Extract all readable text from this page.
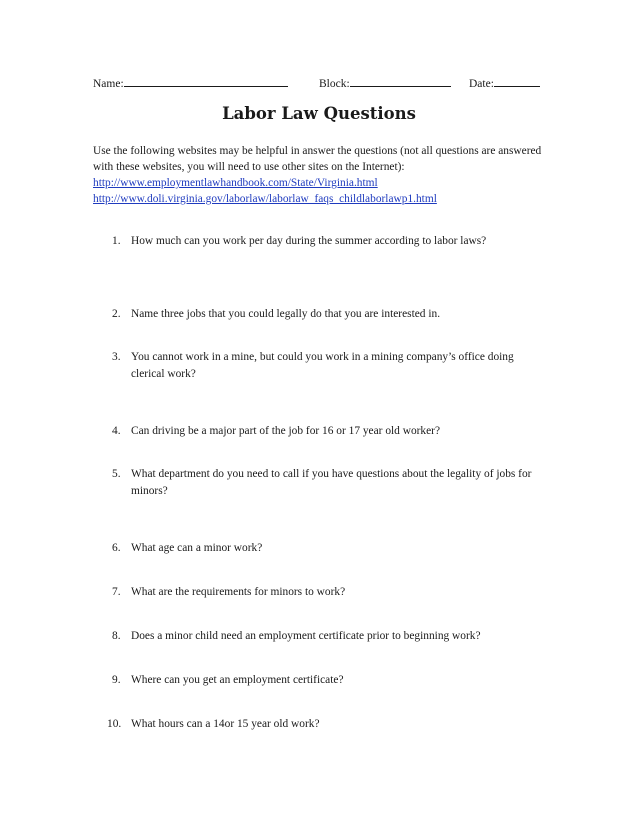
Name:	Block:	Date:
Labor Law Questions

Use the following websites may be helpful in answer the questions (not all questions are answered with these websites, you will need to use other sites on the Internet):

http://www.employmentlawhandbook.com/State/Virginia.html
http://www.doli.virginia.gov/laborlaw/laborlaw_faqs_childlaborlawp1.html
1. How much can you work per day during the summer according to labor laws?
2. Name three jobs that you could legally do that you are interested in.
3. You cannot work in a mine, but could you work in a mining company’s office doing clerical work?
4. Can driving be a major part of the job for 16 or 17 year old worker?
5. What department do you need to call if you have questions about the legality of jobs for minors?
6. What age can a minor work?
7. What are the requirements for minors to work?
8. Does a minor child need an employment certificate prior to beginning work?
9. Where can you get an employment certificate?
10. What hours can a 14or 15 year old work?
